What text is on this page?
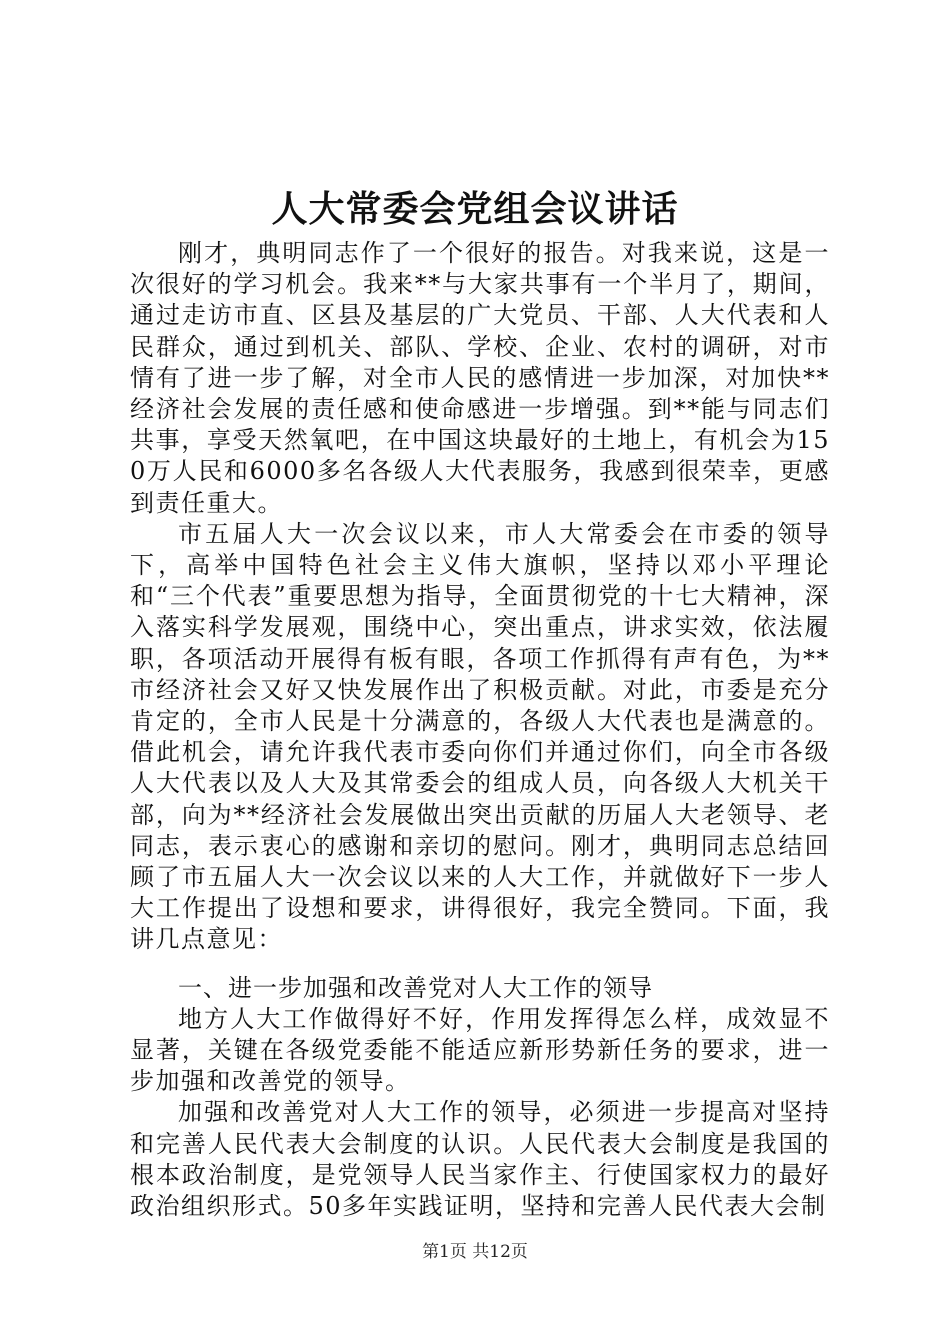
人大常委会党组会议讲话

刚才，典明同志作了一个很好的报告。对我来说，这是一次很好的学习机会。我来**与大家共事有一个半月了，期间，通过走访市直、区县及基层的广大党员、干部、人大代表和人民群众，通过到机关、部队、学校、企业、农村的调研，对市情有了进一步了解，对全市人民的感情进一步加深，对加快**经济社会发展的责任感和使命感进一步增强。到**能与同志们共事，享受天然氧吧，在中国这块最好的土地上，有机会为150万人民和6000多名各级人大代表服务，我感到很荣幸，更感到责任重大。

市五届人大一次会议以来，市人大常委会在市委的领导下，高举中国特色社会主义伟大旗帜，坚持以邓小平理论和“三个代表”重要思想为指导，全面贯彻党的十七大精神，深入落实科学发展观，围绕中心，突出重点，讲求实效，依法履职，各项活动开展得有板有眼，各项工作抓得有声有色，为**市经济社会又好又快发展作出了积极贡献。对此，市委是充分肯定的，全市人民是十分满意的，各级人大代表也是满意的。借此机会，请允许我代表市委向你们并通过你们，向全市各级人大代表以及人大及其常委会的组成人员，向各级人大机关干部，向为**经济社会发展做出突出贡献的历届人大老领导、老同志，表示衷心的感谢和亲切的慰问。刚才，典明同志总结回顾了市五届人大一次会议以来的人大工作，并就做好下一步人大工作提出了设想和要求，讲得很好，我完全赞同。下面，我讲几点意见：

一、进一步加强和改善党对人大工作的领导

地方人大工作做得好不好，作用发挥得怎么样，成效显不显著，关键在各级党委能不能适应新形势新任务的要求，进一步加强和改善党的领导。

加强和改善党对人大工作的领导，必须进一步提高对坚持和完善人民代表大会制度的认识。人民代表大会制度是我国的根本政治制度，是党领导人民当家作主、行使国家权力的最好政治组织形式。50多年实践证明，坚持和完善人民代表大会制

第1页 共12页
